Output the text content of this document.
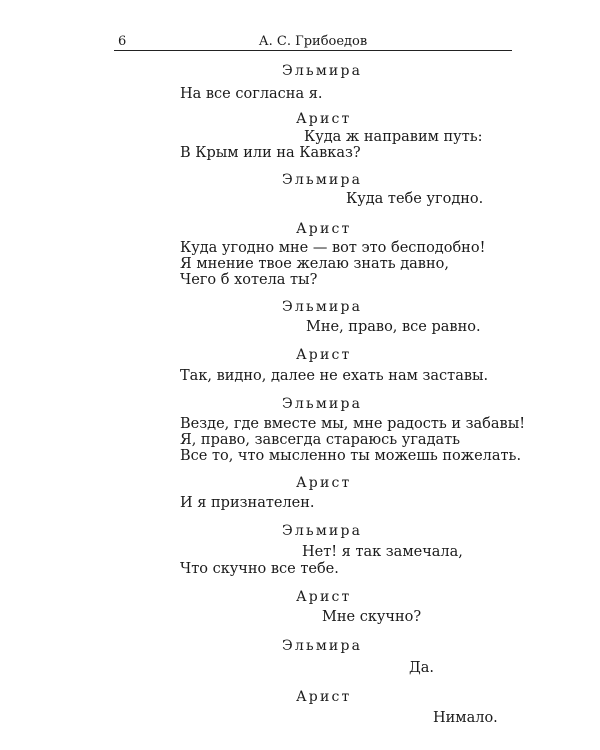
6	А. С. Грибоедов
Эльмира
На все согласна я.
Арист
Куда ж направим путь:
В Крым или на Кавказ?
Эльмира
Куда тебе угодно.
Арист
Куда угодно мне — вот это бесподобно!
Я мнение твое желаю знать давно,
Чего б хотела ты?
Эльмира
Мне, право, все равно.
Арист
Так, видно, далее не ехать нам заставы.
Эльмира
Везде, где вместе мы, мне радость и забавы!
Я, право, завсегда стараюсь угадать
Все то, что мысленно ты можешь пожелать.
Арист
И я признателен.
Эльмира
Нет! я так замечала,
Что скучно все тебе.
Арист
Мне скучно?
Эльмира
Да.
Арист
Нимало.
